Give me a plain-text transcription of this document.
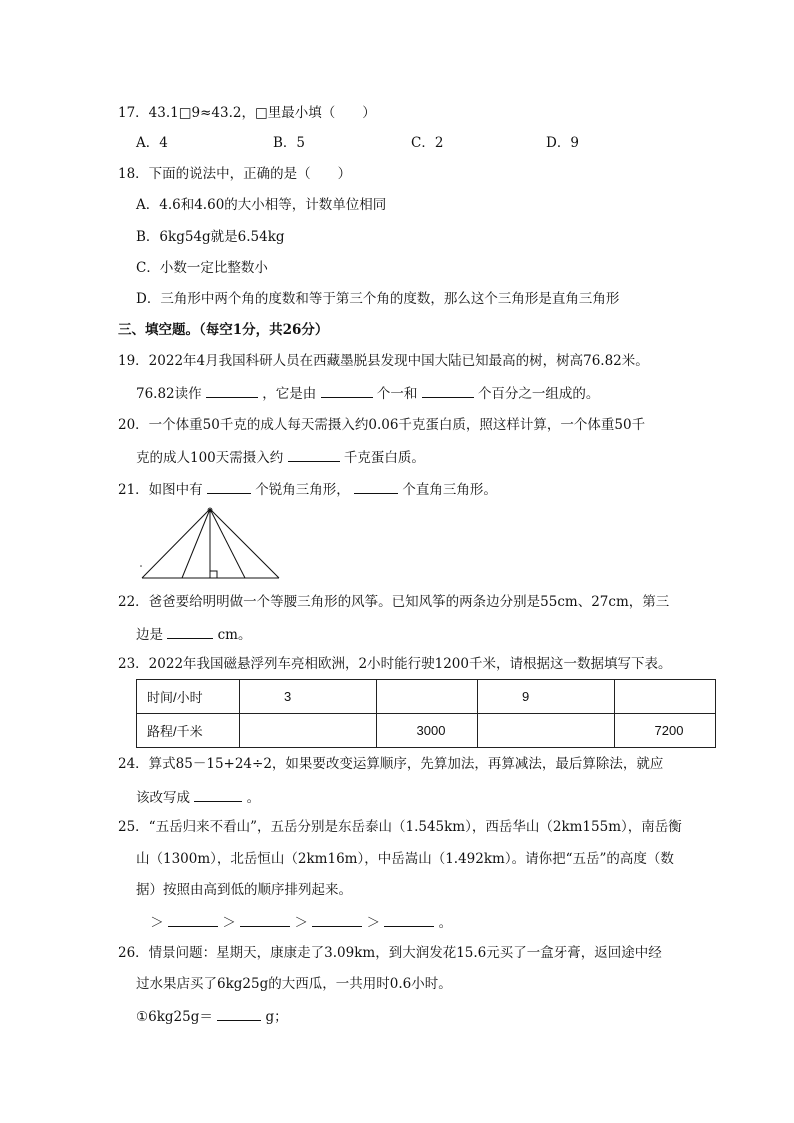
17．43.1□9≈43.2，□里最小填（　　）
A．4	B．5	C．2	D．9
18．下面的说法中，正确的是（　　）
A．4.6和4.60的大小相等，计数单位相同
B．6kg54g就是6.54kg
C．小数一定比整数小
D．三角形中两个角的度数和等于第三个角的度数，那么这个三角形是直角三角形
三、填空题。（每空1分，共26分）
19．2022年4月我国科研人员在西藏墨脱县发现中国大陆已知最高的树，树高76.82米。
76.82读作	，它是由	个一和	个百分之一组成的。
20．一个体重50千克的成人每天需摄入约0.06千克蛋白质，照这样计算，一个体重50千
克的成人100天需摄入约	千克蛋白质。
21．如图中有	个锐角三角形，	个直角三角形。
22．爸爸要给明明做一个等腰三角形的风筝。已知风筝的两条边分别是55cm、27cm，第三
边是	cm。
23．2022年我国磁悬浮列车亮相欧洲，2小时能行驶1200千米，请根据这一数据填写下表。
时间/小时	3		9	
路程/千米		3000		7200
24．算式85－15+24÷2，如果要改变运算顺序，先算加法，再算减法，最后算除法，就应
该改写成	。
25．“五岳归来不看山”，五岳分别是东岳泰山（1.545km），西岳华山（2km155m），南岳衡
山（1300m），北岳恒山（2km16m），中岳嵩山（1.492km）。请你把“五岳”的高度（数
据）按照由高到低的顺序排列起来。
＞	＞	＞	＞	。
26．情景问题：星期天，康康走了3.09km，到大润发花15.6元买了一盒牙膏，返回途中经
过水果店买了6kg25g的大西瓜，一共用时0.6小时。
①6kg25g＝	g；
